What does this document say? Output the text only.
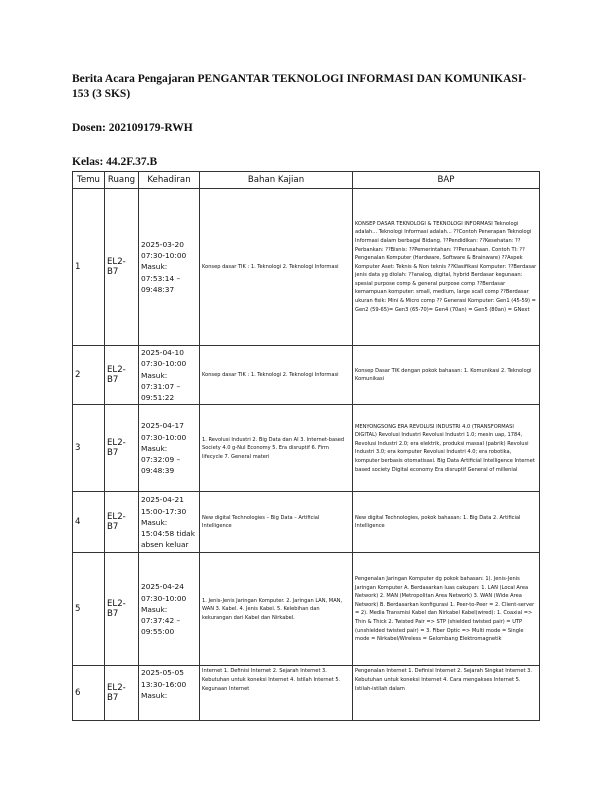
Berita Acara Pengajaran PENGANTAR TEKNOLOGI INFORMASI DAN KOMUNIKASI-153 (3 SKS)
Dosen: 202109179-RWH
Kelas: 44.2F.37.B
Temu	Ruang	Kehadiran	Bahan Kajian	BAP
1	EL2-B7	2025-03-20 07:30-10:00 Masuk: 07:53:14 – 09:48:37	Konsep dasar TIK : 1. Teknologi 2. Teknologi Informasi	KONSEP DASAR TEKNOLOGI & TEKNOLOGI INFORMASI Teknologi adalah... Teknologi Informasi adalah... ??Contoh Penerapan Teknologi Informasi dalam berbagai Bidang. ??Pendidikan: ??Kesehatan: ??Perbankan: ??Bisnis: ??Pemerintahan: ??Perusahaan. Contoh TI: ??Pengenalan Komputer (Hardware, Software & Brainware) ??Aspek Komputer Aset: Teknis & Non teknis ??Klasifikasi Komputer: ??Berdasar jenis data yg diolah: ??analog, digital, hybrid Berdasar kegunaan: spesial purpose comp & general purpose comp ??Berdasar kemampuan komputer: small, medium, large scall comp ??Berdasar ukuran fisik: Mini & Micro comp ?? Generasi Komputer: Gen1 (45-59) = Gen2 (59-65)= Gen3 (65-70)= Gen4 (70an) = Gen5 (80an) = GNext
2	EL2-B7	2025-04-10 07:30-10:00 Masuk: 07:31:07 – 09:51:22	Konsep dasar TIK : 1. Teknologi 2. Teknologi Informasi	Konsep Dasar TIK dengan pokok bahasan: 1. Komunikasi 2. Teknologi Komunikasi
3	EL2-B7	2025-04-17 07:30-10:00 Masuk: 07:32:09 – 09:48:39	1. Revolusi Industri 2. Big Data dan AI 3. Internet-based Society 4.0 g-Nul Economy 5. Era disruptif 6. Firm lifecycle 7. General materi	MENYONGSONG ERA REVOLUSI INDUSTRI 4.0 (TRANSFORMASI DIGITAL) Revolusi Industri Revolusi Industri 1.0; mesin uap, 1784, Revolusi Industri 2.0; era elektrik, produksi massal (pabrik) Revolusi Industri 3.0; era komputer Revolusi Industri 4.0; era robotika, komputer berbasis otomatisasi. Big Data Artificial Intelligence Internet based society Digital economy Era disruptif General of millenial
4	EL2-B7	2025-04-21 15:00-17:30 Masuk: 15:04:58 tidak absen keluar	New digital Technologies – Big Data – Artificial Intelligence	New digital Technologies, pokok bahasan: 1. Big Data 2. Artificial Intelligence
5	EL2-B7	2025-04-24 07:30-10:00 Masuk: 07:37:42 – 09:55:00	1. Jenis-Jenis Jaringan Komputer. 2. Jaringan LAN, MAN, WAN 3. Kabel. 4. Jenis Kabel. 5. Kelebihan dan kekurangan dari Kabel dan Nirkabel.	Pengenalan Jaringan Komputer dg pokok bahasan: 1). Jenis-Jenis Jaringan Komputer A. Berdasarkan luas cakupan: 1. LAN (Local Area Network) 2. MAN (Metropolitan Area Network) 3. WAN (Wide Area Network) B. Berdasarkan konfigurasi 1. Peer-to-Peer = 2. Client-server = 2). Media Transmisi Kabel dan Nirkabel Kabel(wired): 1. Coaxial => Thin & Thick 2. Twisted Pair => STP (shielded twisted pair) = UTP (unshielded twisted pair) = 3. Fiber Optic => Multi mode = Single mode = Nirkabel/Wireless = Gelombang Elektromagnetik
6	EL2-B7	2025-05-05 13:30-16:00 Masuk:	Internet 1. Definisi Internet 2. Sejarah Internet 3. Kebutuhan untuk koneksi Internet 4. Istilah Internet 5. Kegunaan Internet	Pengenalan Internet 1. Definisi Internet 2. Sejarah Singkat Internet 3. Kebutuhan untuk koneksi Internet 4. Cara mengakses Internet 5. Istilah-istilah dalam
